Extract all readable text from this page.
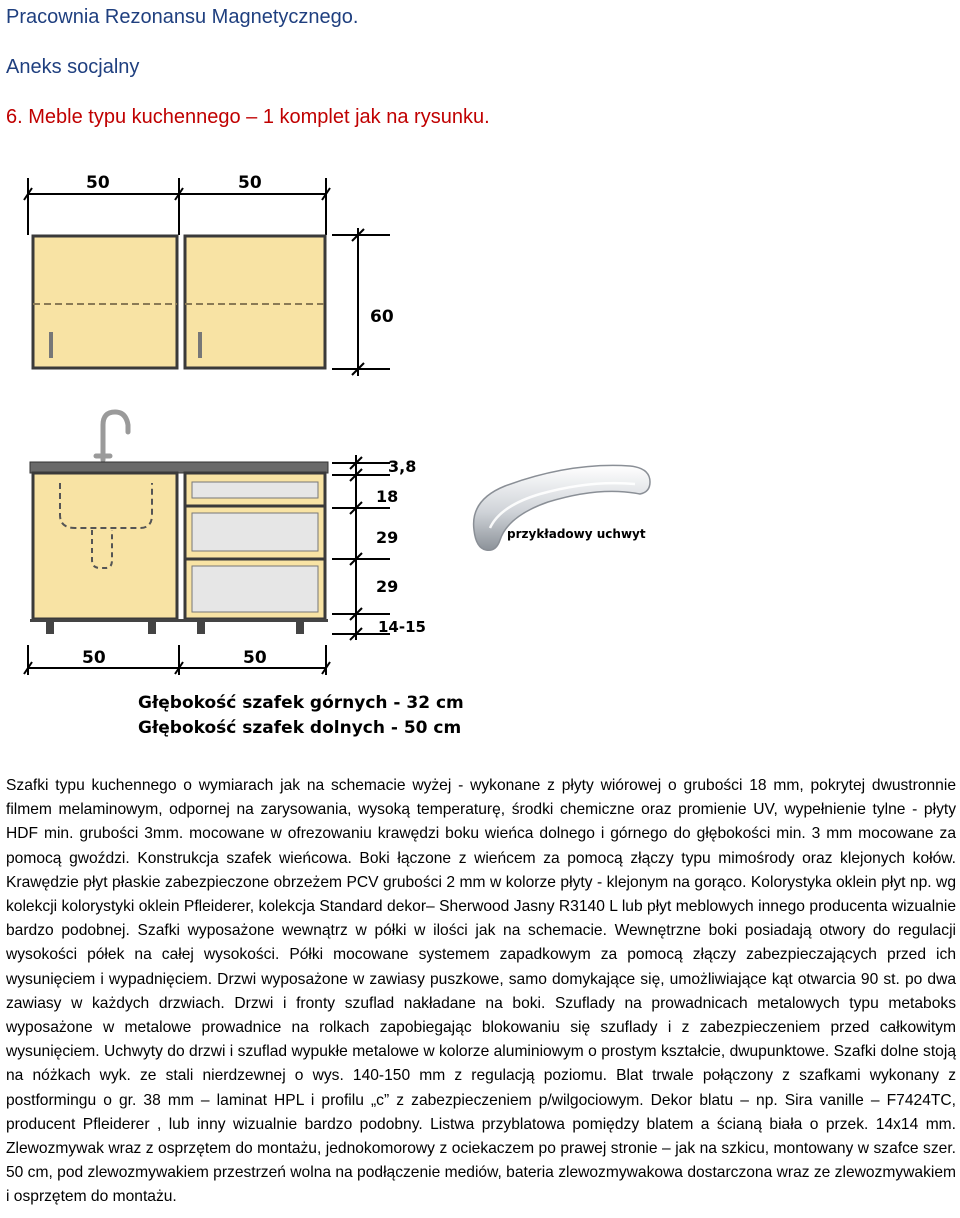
Pracownia Rezonansu Magnetycznego.
Aneks socjalny
6. Meble typu kuchennego – 1 komplet jak na rysunku.
50	50
60
3,8
18
29
29
14-15
50	50
Głębokość szafek górnych - 32 cm
Głębokość szafek dolnych - 50 cm
przykładowy uchwyt

Szafki typu kuchennego o wymiarach jak na schemacie wyżej - wykonane z płyty wiórowej o grubości 18 mm, pokrytej dwustronnie filmem melaminowym, odpornej na zarysowania, wysoką temperaturę, środki chemiczne oraz promienie UV, wypełnienie tylne - płyty HDF min. grubości 3mm. mocowane w ofrezowaniu krawędzi boku wieńca dolnego i górnego do głębokości min. 3 mm mocowane za pomocą gwoździ. Konstrukcja szafek wieńcowa. Boki łączone z wieńcem za pomocą złączy typu mimośrody oraz klejonych kołów. Krawędzie płyt płaskie zabezpieczone obrzeżem PCV grubości 2 mm w kolorze płyty - klejonym na gorąco. Kolorystyka oklein płyt np. wg kolekcji kolorystyki oklein Pfleiderer, kolekcja Standard dekor– Sherwood Jasny R3140 L lub płyt meblowych innego producenta wizualnie bardzo podobnej. Szafki wyposażone wewnątrz w półki w ilości jak na schemacie. Wewnętrzne boki posiadają otwory do regulacji wysokości półek na całej wysokości. Półki mocowane systemem zapadkowym za pomocą złączy zabezpieczających przed ich wysunięciem i wypadnięciem. Drzwi wyposażone w zawiasy puszkowe, samo domykające się, umożliwiające kąt otwarcia 90 st. po dwa zawiasy w każdych drzwiach. Drzwi i fronty szuflad nakładane na boki. Szuflady na prowadnicach metalowych typu metaboks wyposażone w metalowe prowadnice na rolkach zapobiegając blokowaniu się szuflady i z zabezpieczeniem przed całkowitym wysunięciem. Uchwyty do drzwi i szuflad wypukłe metalowe w kolorze aluminiowym o prostym kształcie, dwupunktowe. Szafki dolne stoją na nóżkach wyk. ze stali nierdzewnej o wys. 140-150 mm z regulacją poziomu. Blat trwale połączony z szafkami wykonany z postformingu o gr. 38 mm – laminat HPL i profilu „c” z zabezpieczeniem p/wilgociowym. Dekor blatu – np. Sira vanille – F7424TC, producent Pfleiderer , lub inny wizualnie bardzo podobny. Listwa przyblatowa pomiędzy blatem a ścianą biała o przek. 14x14 mm. Zlewozmywak wraz z osprzętem do montażu, jednokomorowy z ociekaczem po prawej stronie – jak na szkicu, montowany w szafce szer. 50 cm, pod zlewozmywakiem przestrzeń wolna na podłączenie mediów, bateria zlewozmywakowa dostarczona wraz ze zlewozmywakiem i osprzętem do montażu.
